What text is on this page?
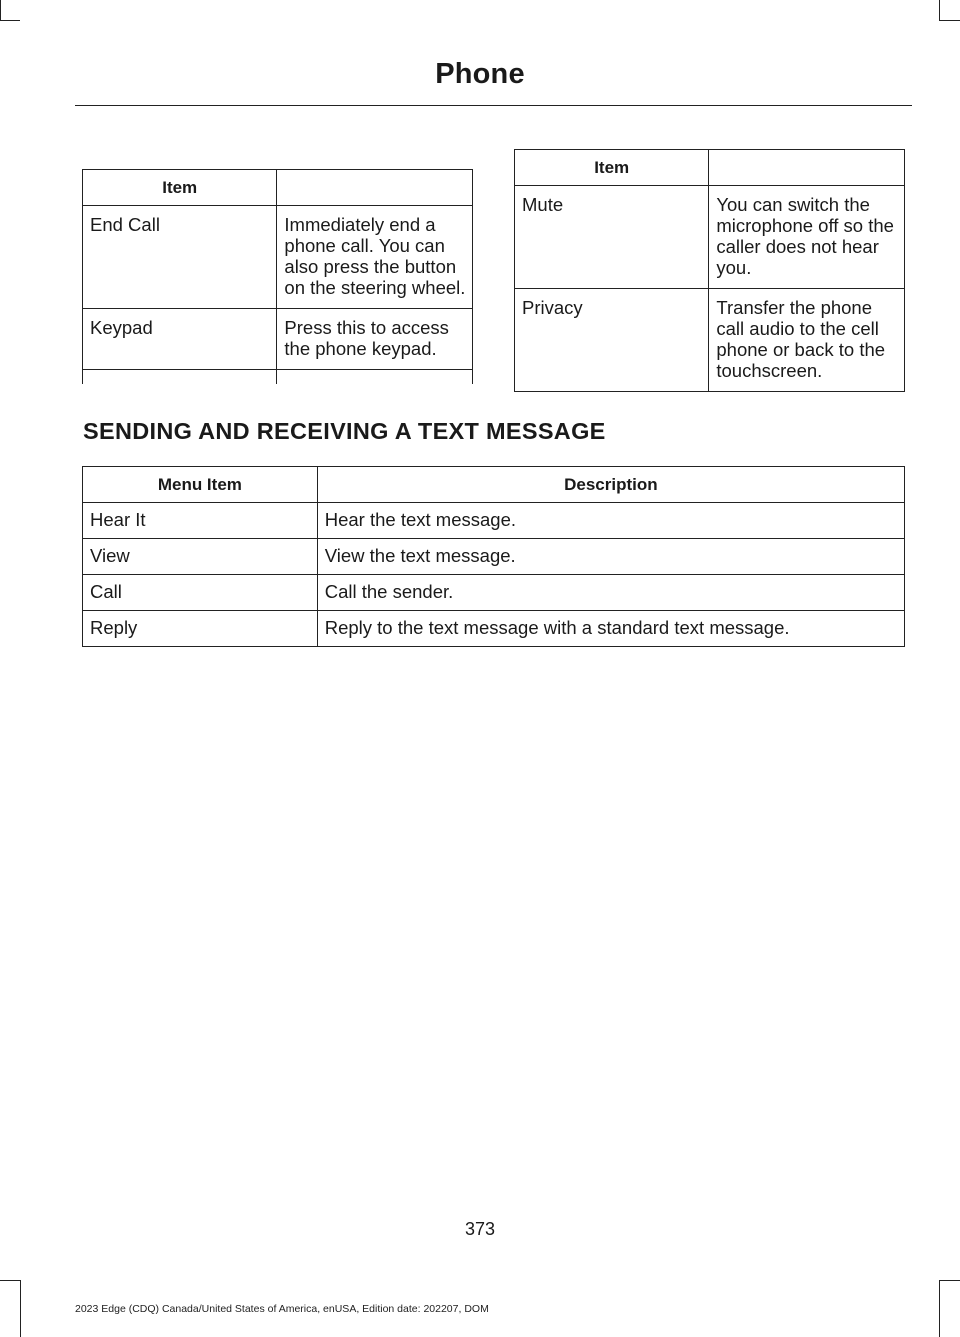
Phone
Item	
End Call	Immediately end a phone call. You can also press the button on the steering wheel.
Keypad	Press this to access the phone keypad.

Item	
Mute	You can switch the microphone off so the caller does not hear you.
Privacy	Transfer the phone call audio to the cell phone or back to the touchscreen.
SENDING AND RECEIVING A TEXT MESSAGE
Menu Item	Description
Hear It	Hear the text message.
View	View the text message.
Call	Call the sender.
Reply	Reply to the text message with a standard text message.
373
2023 Edge (CDQ) Canada/United States of America, enUSA, Edition date: 202207, DOM
